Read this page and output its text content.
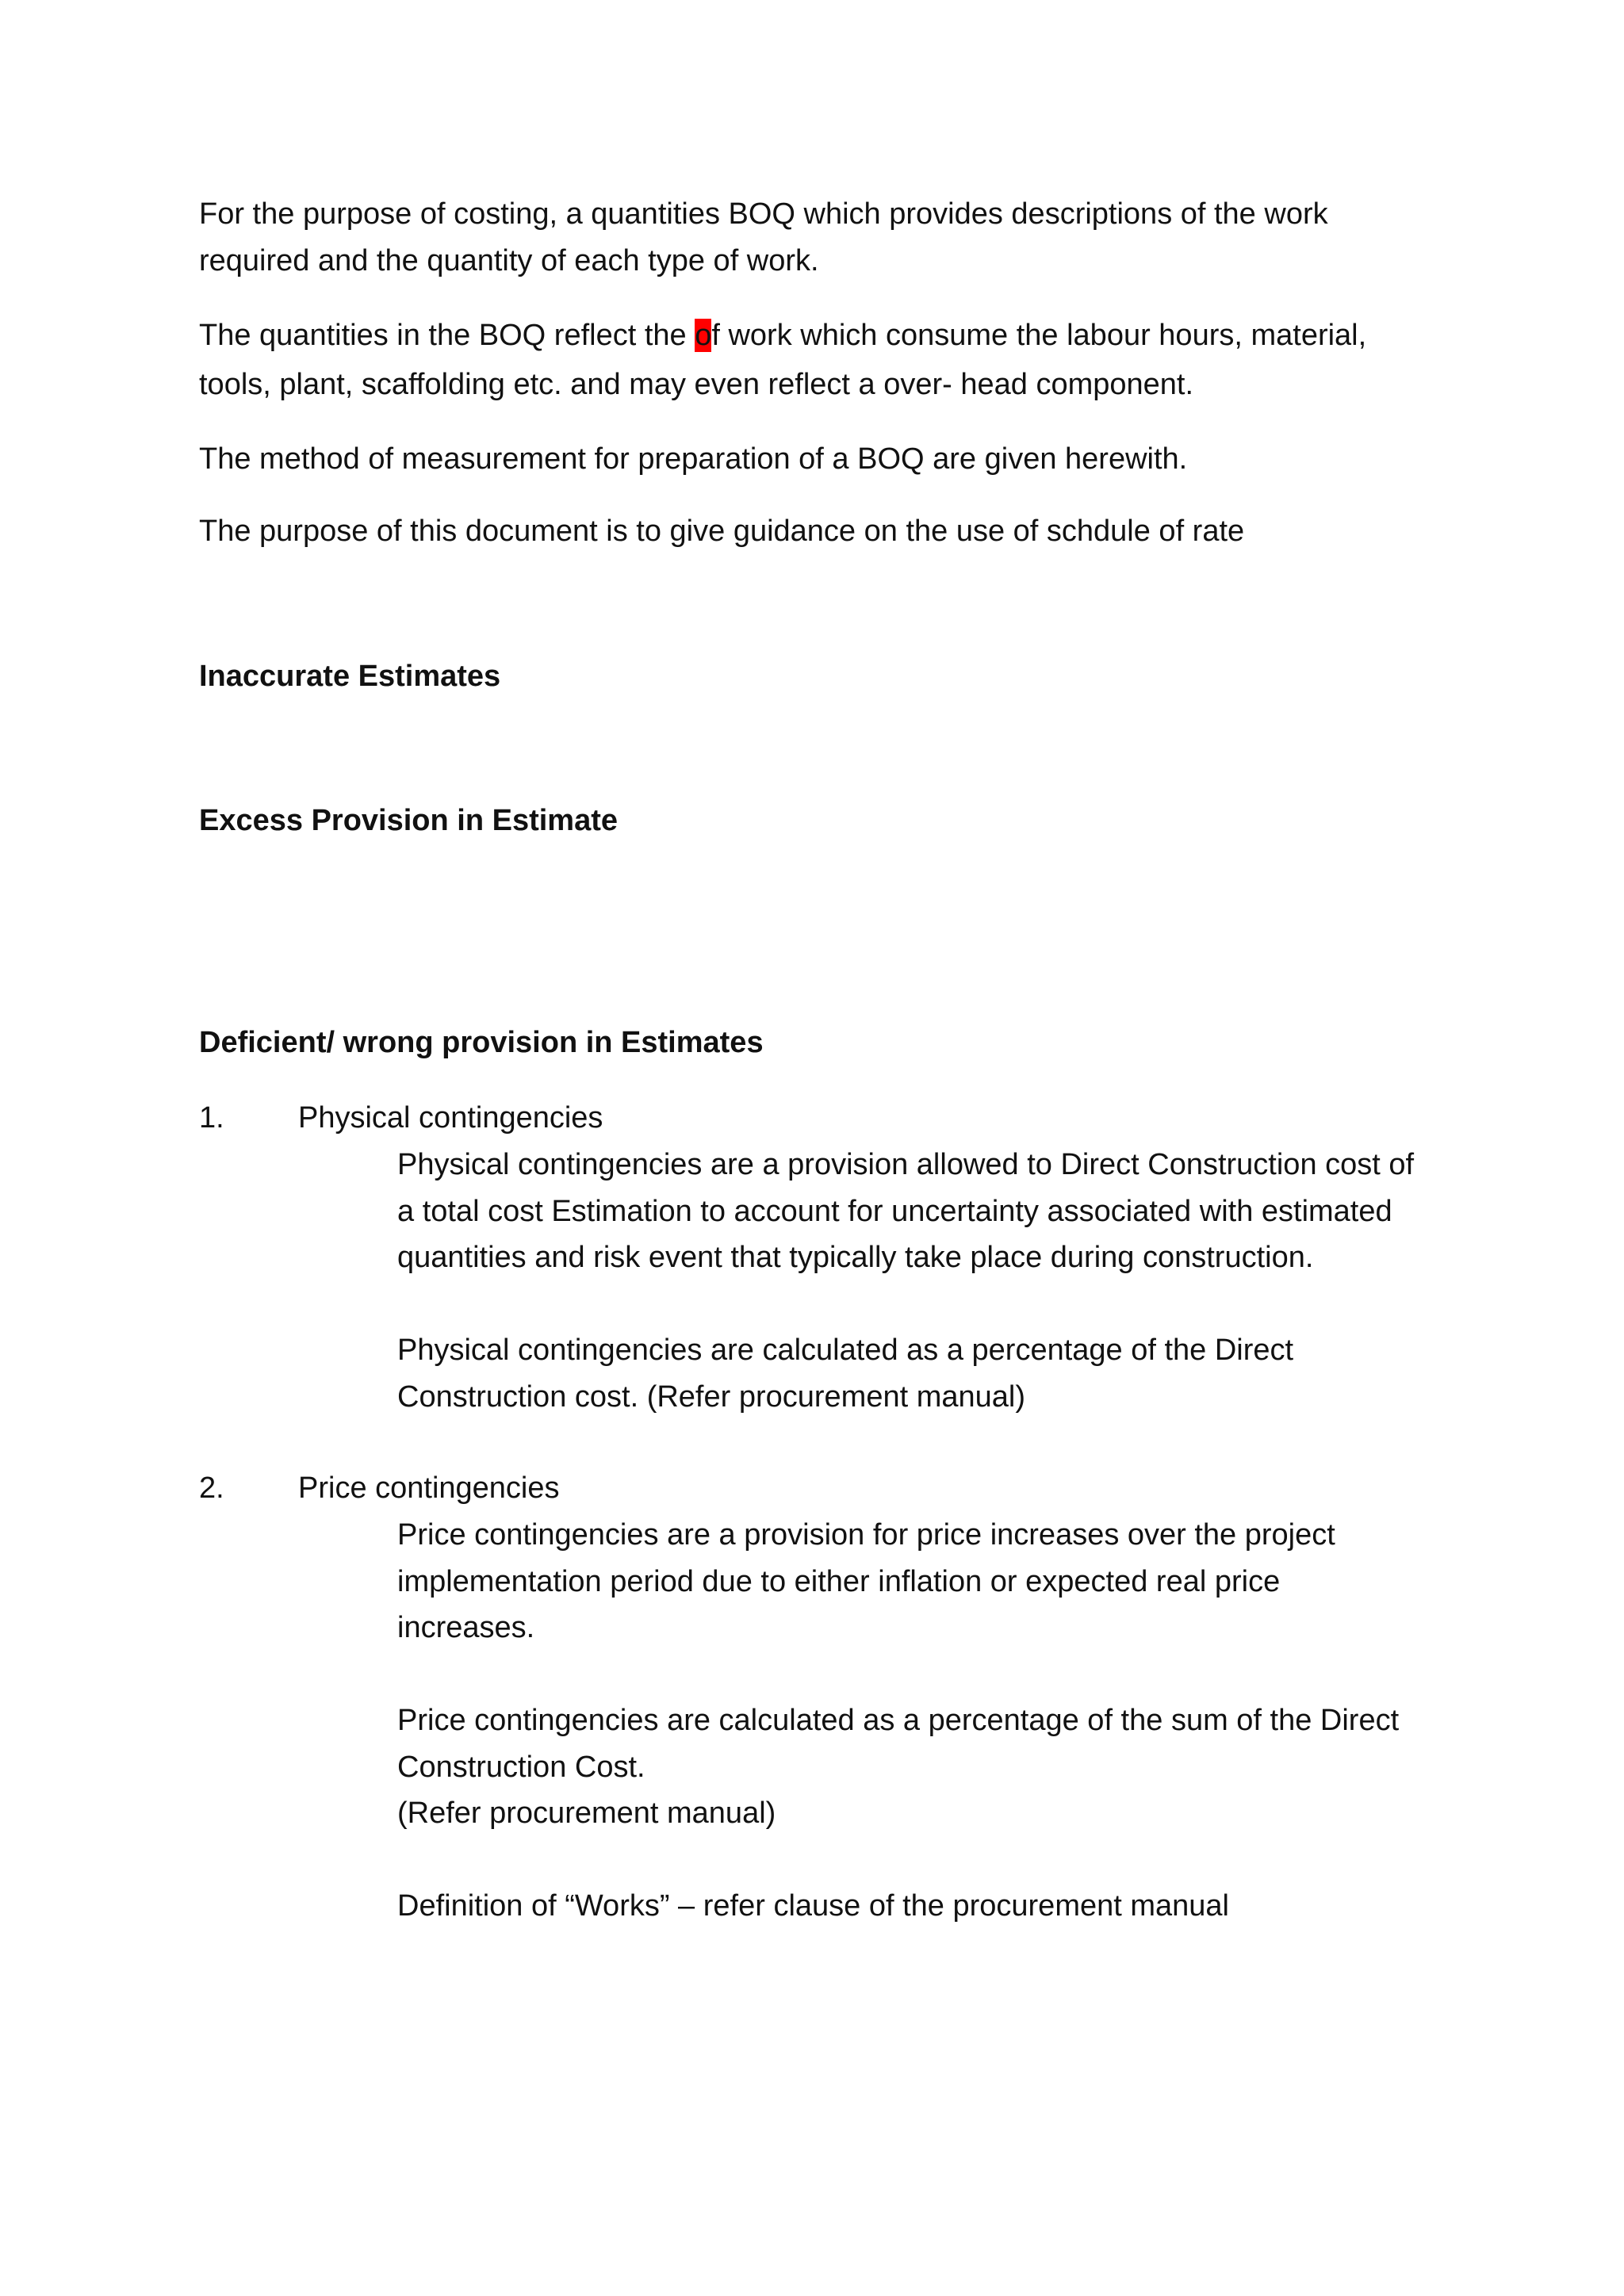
For the purpose of costing, a quantities BOQ which provides descriptions of the work
required and the quantity of each type of work.

The quantities in the BOQ reflect the of work which consume the labour hours, material,
tools, plant, scaffolding etc. and may even reflect a over- head component.

The method of measurement for preparation of a BOQ are given herewith.

The purpose of this document is to give guidance on the use of schdule of rate

Inaccurate Estimates
Excess Provision in Estimate
Deficient/ wrong provision in Estimates

1. Physical contingencies

Physical contingencies are a provision allowed to Direct Construction cost of
a total cost Estimation to account for uncertainty associated with estimated
quantities and risk event that typically take place during construction.

Physical contingencies are calculated as a percentage of the Direct
Construction cost. (Refer procurement manual)

2. Price contingencies

Price contingencies are a provision for price increases over the project
implementation period due to either inflation or expected real price
increases.

Price contingencies are calculated as a percentage of the sum of the Direct
Construction Cost.
(Refer procurement manual)

Definition of “Works” – refer clause of the procurement manual
